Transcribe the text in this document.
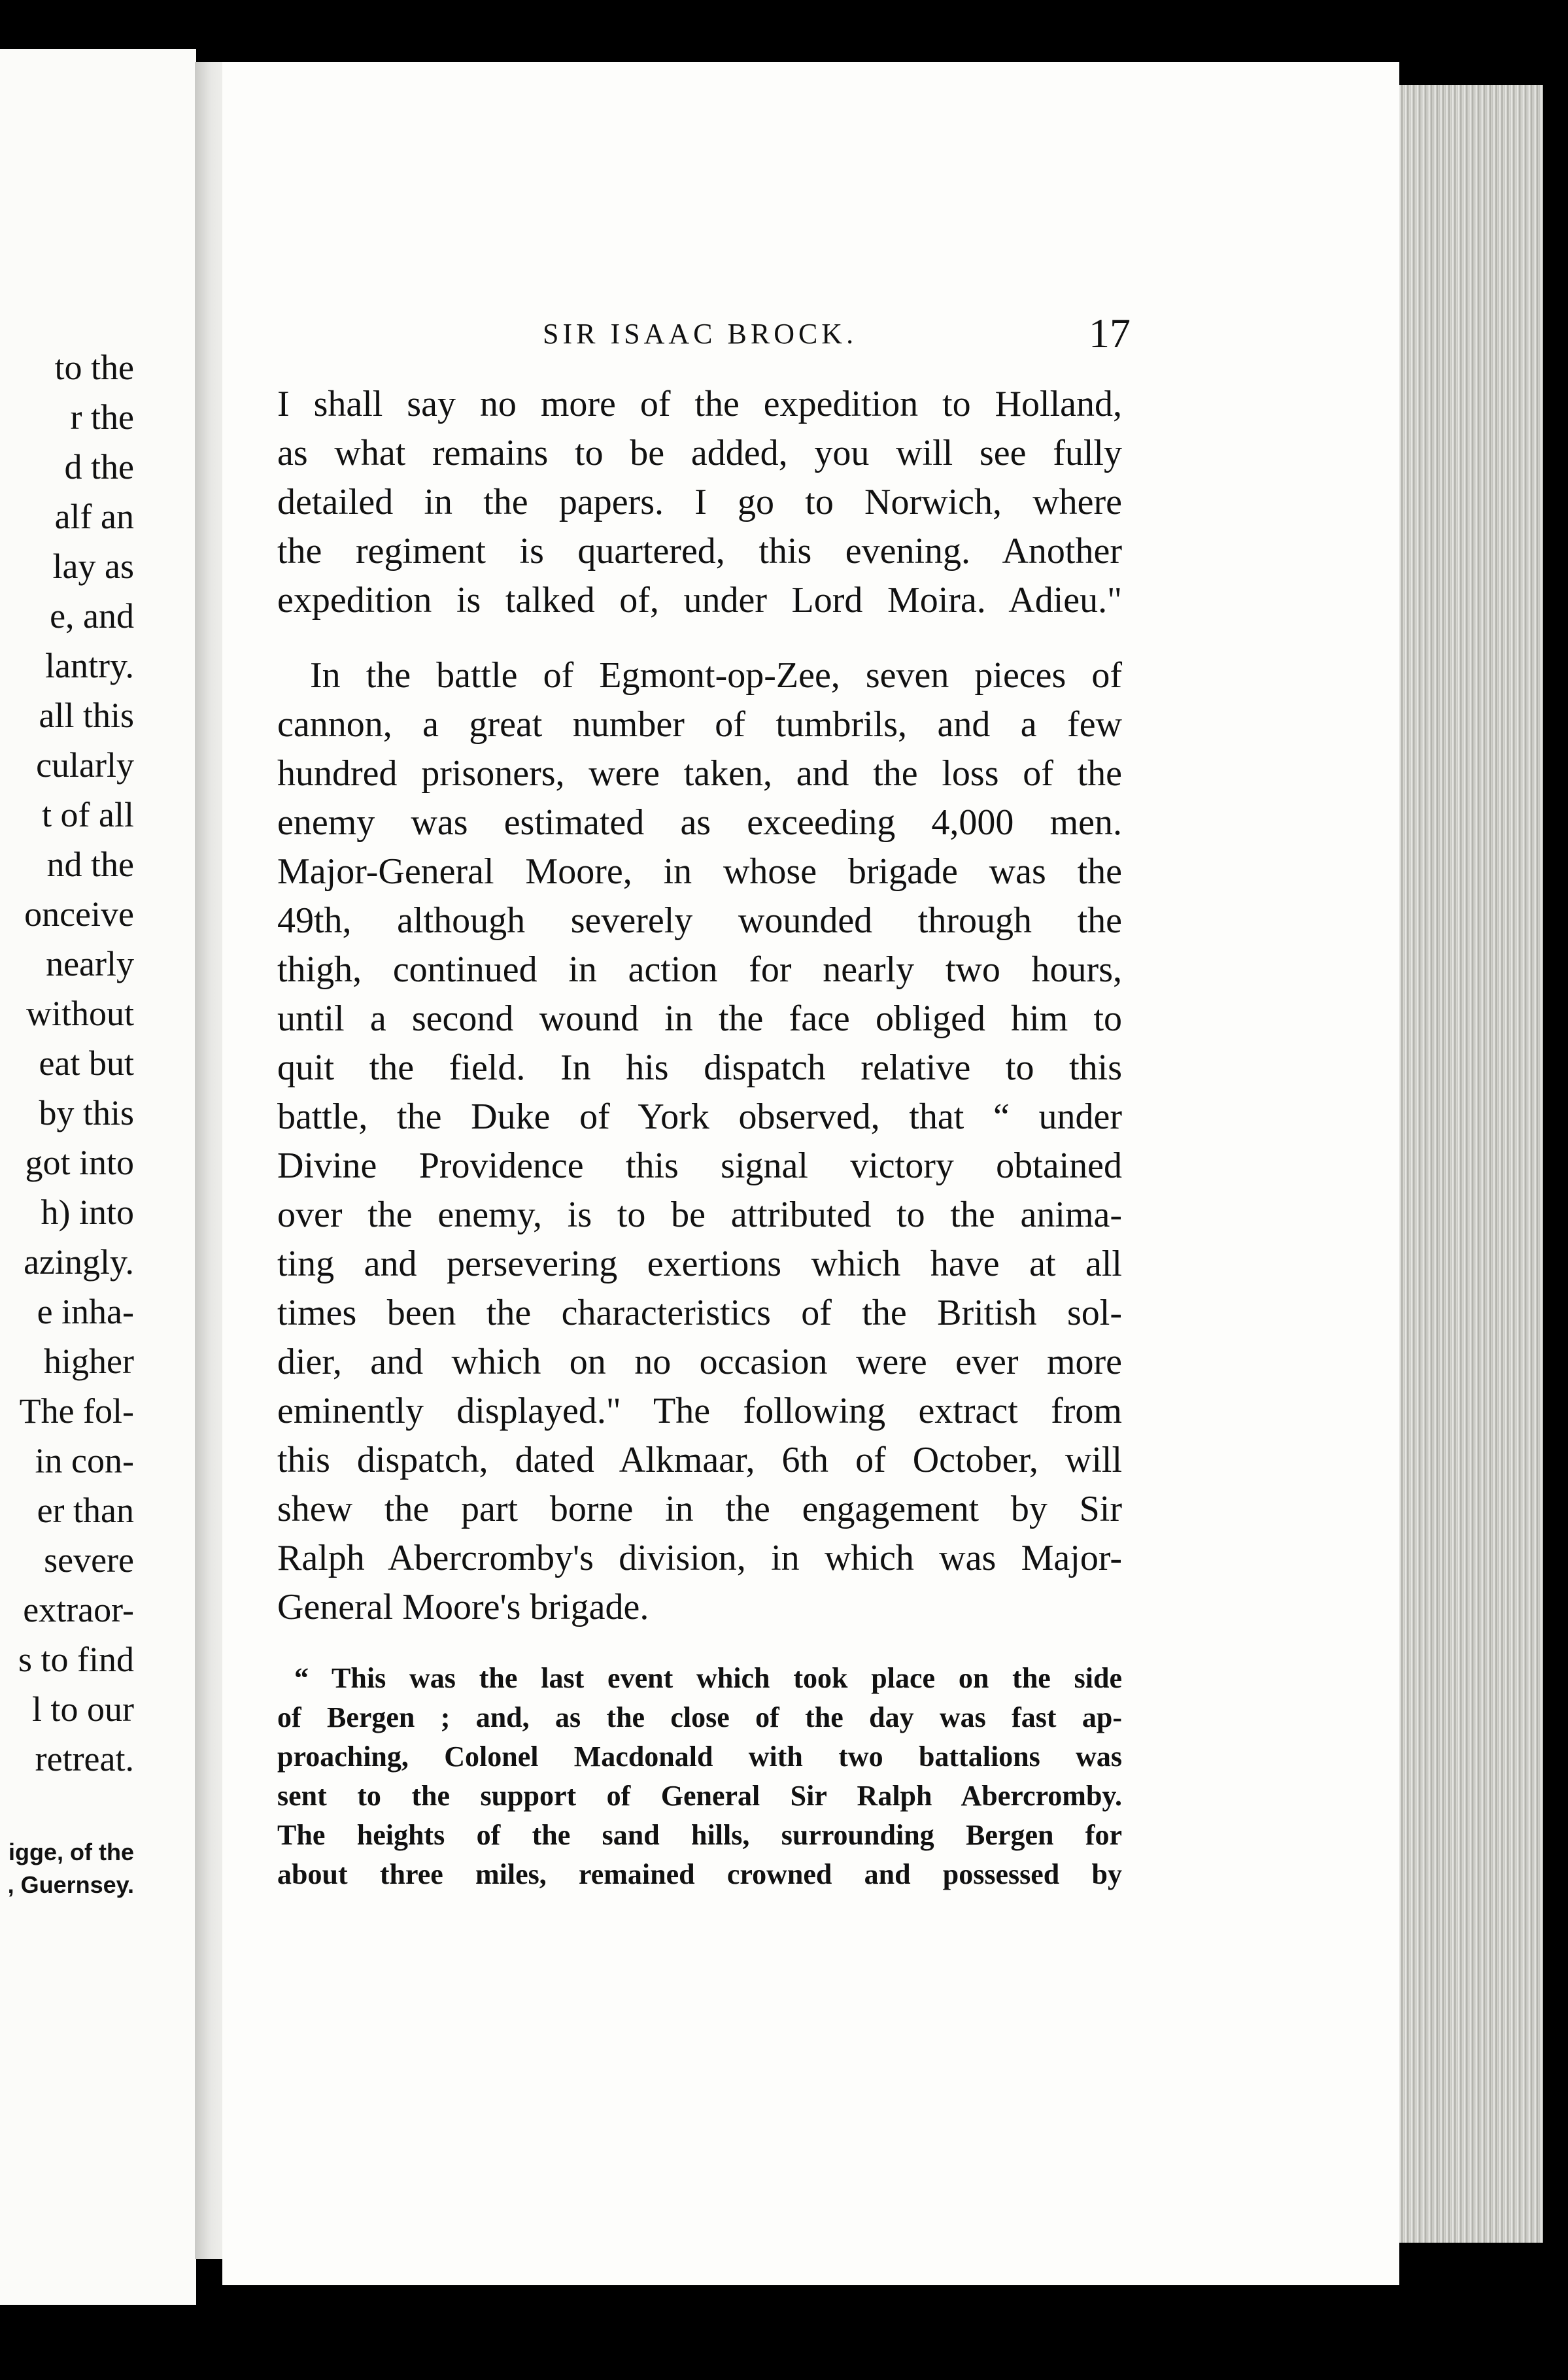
to the
r the
d the
alf an
lay as
e, and
lantry.
all this
cularly
t of all
nd the
onceive
nearly
without
eat but
by this
got into
h) into
azingly.
e inha-
higher
The fol-
in con-
er than
severe
extraor-
s to find
l to our
retreat.
igge, of the
, Guernsey.
SIR ISAAC BROCK.	17
I shall say no more of the expedition to Holland,
as what remains to be added, you will see fully
detailed in the papers. I go to Norwich, where
the regiment is quartered, this evening. Another
expedition is talked of, under Lord Moira. Adieu."
In the battle of Egmont-op-Zee, seven pieces of
cannon, a great number of tumbrils, and a few
hundred prisoners, were taken, and the loss of the
enemy was estimated as exceeding 4,000 men.
Major-General Moore, in whose brigade was the
49th, although severely wounded through the
thigh, continued in action for nearly two hours,
until a second wound in the face obliged him to
quit the field. In his dispatch relative to this
battle, the Duke of York observed, that “ under
Divine Providence this signal victory obtained
over the enemy, is to be attributed to the anima-
ting and persevering exertions which have at all
times been the characteristics of the British sol-
dier, and which on no occasion were ever more
eminently displayed." The following extract from
this dispatch, dated Alkmaar, 6th of October, will
shew the part borne in the engagement by Sir
Ralph Abercromby's division, in which was Major-
General Moore's brigade.
“ This was the last event which took place on the side
of Bergen ; and, as the close of the day was fast ap-
proaching, Colonel Macdonald with two battalions was
sent to the support of General Sir Ralph Abercromby.
The heights of the sand hills, surrounding Bergen for
about three miles, remained crowned and possessed by
